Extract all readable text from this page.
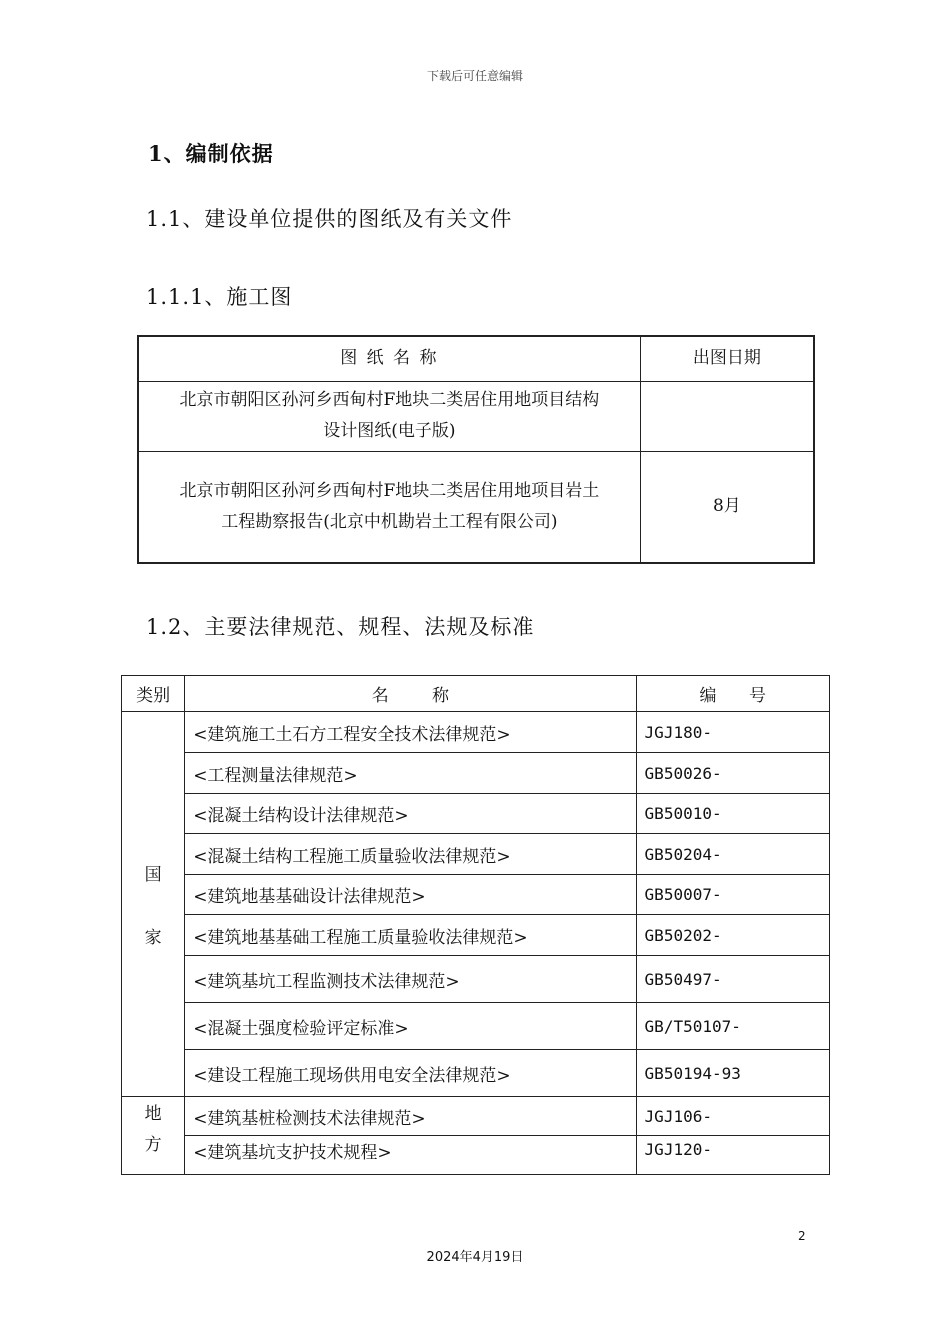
下载后可任意编辑
1、编制依据
1.1、建设单位提供的图纸及有关文件
1.1.1、施工图
图 纸 名 称	出图日期

北京市朝阳区孙河乡西甸村F地块二类居住用地项目结构
设计图纸(电子版)	

北京市朝阳区孙河乡西甸村F地块二类居住用地项目岩土
工程勘察报告(北京中机勘岩土工程有限公司)	8月
1.2、主要法律规范、规程、法规及标准
类别	名        称	编      号

国
家	<建筑施工土石方工程安全技术法律规范>	JGJ180-
	<工程测量法律规范>	GB50026-
	<混凝土结构设计法律规范>	GB50010-
	<混凝土结构工程施工质量验收法律规范>	GB50204-
	<建筑地基基础设计法律规范>	GB50007-
	<建筑地基基础工程施工质量验收法律规范>	GB50202-
	<建筑基坑工程监测技术法律规范>	GB50497-
	<混凝土强度检验评定标准>	GB/T50107-
	<建设工程施工现场供用电安全法律规范>	GB50194-93

地
方	<建筑基桩检测技术法律规范>	JGJ106-
	<建筑基坑支护技术规程>	JGJ120-
2
2024年4月19日
